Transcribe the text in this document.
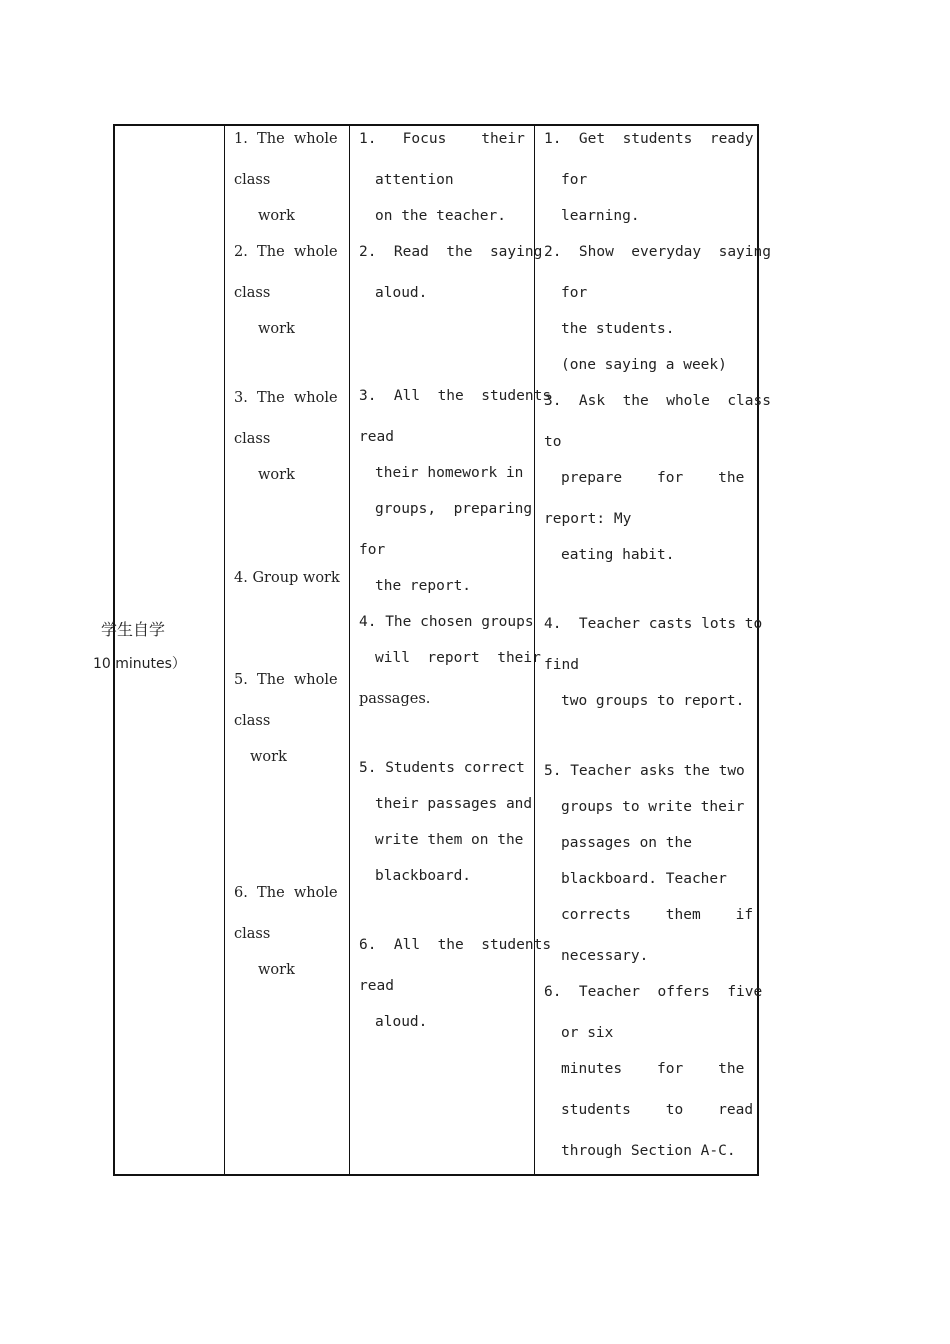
学生自学
10 minutes）
1.  The  whole
class
work
2.  The  whole
class
work
3.  The  whole
class
work
4. Group work
5.  The  whole
class
work
6.  The  whole
class
work
1.   Focus    their
attention
on the teacher.
2.  Read  the  saying
aloud.
3.  All  the  students
read
their homework in
groups,  preparing
for
the report.
4. The chosen groups
will  report  their
passages.
5. Students correct
their passages and
write them on the
blackboard.
6.  All  the  students
read
aloud.
1.  Get  students  ready
for
learning.
2.  Show  everyday  saying
for
the students.
(one saying a week)
3.  Ask  the  whole  class
to
prepare    for    the
report: My
eating habit.
4.  Teacher casts lots to
find
two groups to report.
5. Teacher asks the two
groups to write their
passages on the
blackboard. Teacher
corrects    them    if
necessary.
6.  Teacher  offers  five
or six
minutes    for    the
students    to    read
through Section A-C.
